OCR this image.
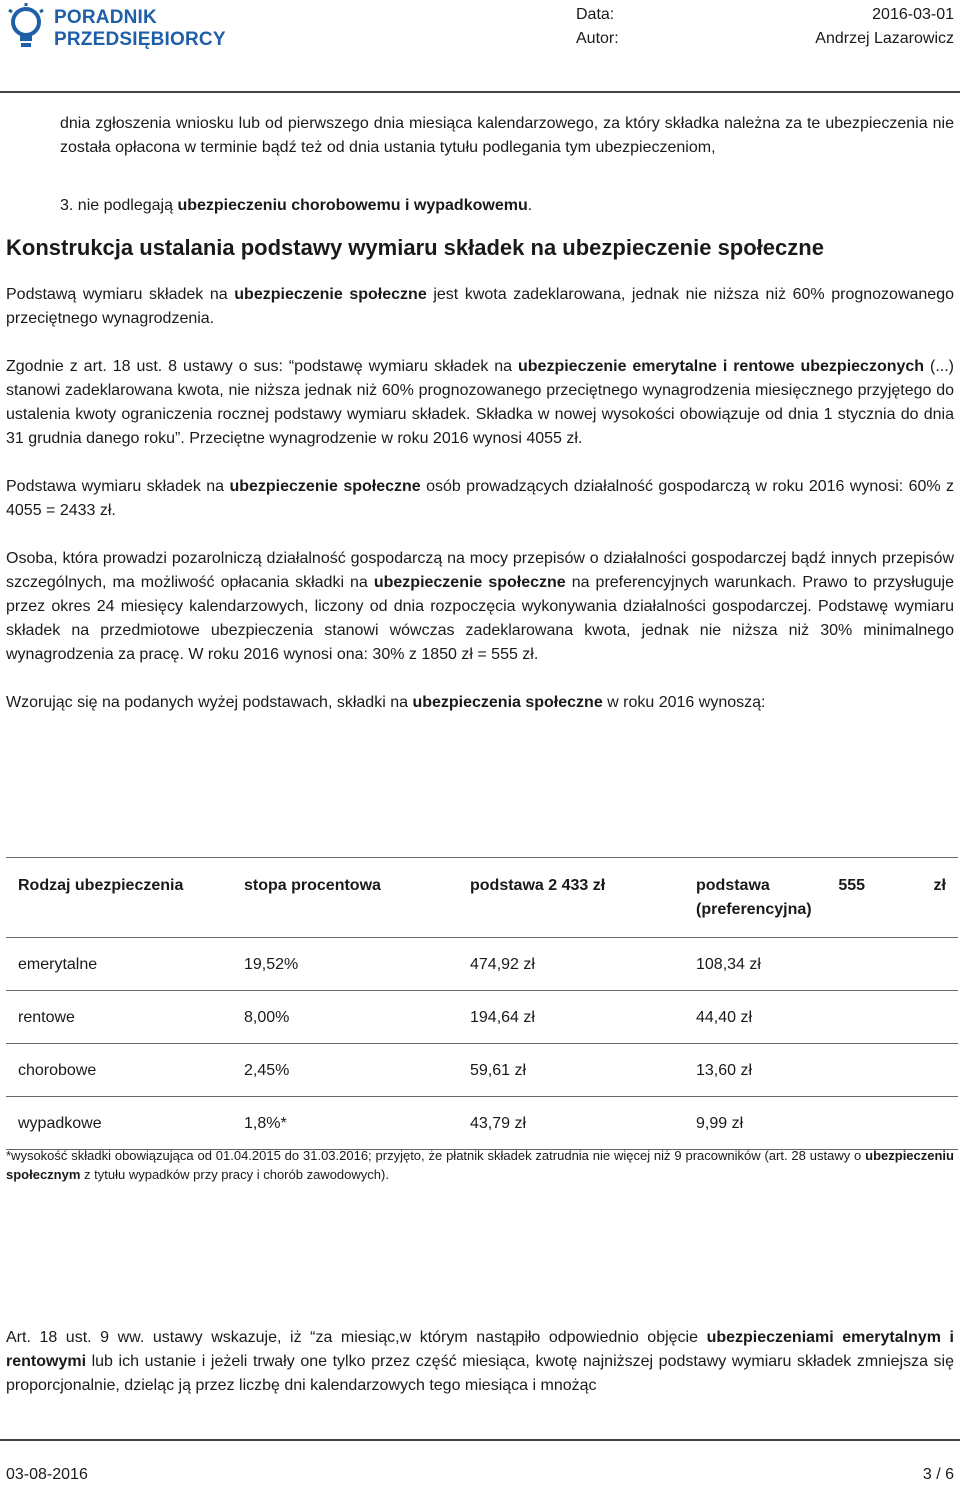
PORADNIK
PRZEDSIĘBIORCY
Data:
Autor:
2016-03-01
Andrzej Lazarowicz

dnia zgłoszenia wniosku lub od pierwszego dnia miesiąca kalendarzowego, za który składka należna za te ubezpieczenia nie została opłacona w terminie bądź też od dnia ustania tytułu podlegania tym ubezpieczeniom,

3. nie podlegają ubezpieczeniu chorobowemu i wypadkowemu.

Konstrukcja ustalania podstawy wymiaru składek na ubezpieczenie społeczne

Podstawą wymiaru składek na ubezpieczenie społeczne jest kwota zadeklarowana, jednak nie niższa niż 60% prognozowanego przeciętnego wynagrodzenia.

Zgodnie z art. 18 ust. 8 ustawy o sus: “podstawę wymiaru składek na ubezpieczenie emerytalne i rentowe ubezpieczonych (...) stanowi zadeklarowana kwota, nie niższa jednak niż 60% prognozowanego przeciętnego wynagrodzenia miesięcznego przyjętego do ustalenia kwoty ograniczenia rocznej podstawy wymiaru składek. Składka w nowej wysokości obowiązuje od dnia 1 stycznia do dnia 31 grudnia danego roku”. Przeciętne wynagrodzenie w roku 2016 wynosi 4055 zł.

Podstawa wymiaru składek na ubezpieczenie społeczne osób prowadzących działalność gospodarczą w roku 2016 wynosi: 60% z 4055 = 2433 zł.

Osoba, która prowadzi pozarolniczą działalność gospodarczą na mocy przepisów o działalności gospodarczej bądź innych przepisów szczególnych, ma możliwość opłacania składki na ubezpieczenie społeczne na preferencyjnych warunkach. Prawo to przysługuje przez okres 24 miesięcy kalendarzowych, liczony od dnia rozpoczęcia wykonywania działalności gospodarczej. Podstawę wymiaru składek na przedmiotowe ubezpieczenia stanowi wówczas zadeklarowana kwota, jednak nie niższa niż 30% minimalnego wynagrodzenia za pracę. W roku 2016 wynosi ona: 30% z 1850 zł = 555 zł.

Wzorując się na podanych wyżej podstawach, składki na ubezpieczenia społeczne w roku 2016 wynoszą:

Rodzaj ubezpieczenia	stopa procentowa	podstawa 2 433 zł	podstawa 555 zł
(preferencyjna)

emerytalne	19,52%	474,92 zł	108,34 zł
rentowe	8,00%	194,64 zł	44,40 zł
chorobowe	2,45%	59,61 zł	13,60 zł
wypadkowe	1,8%*	43,79 zł	9,99 zł
*wysokość składki obowiązująca od 01.04.2015 do 31.03.2016; przyjęto, że płatnik składek zatrudnia nie więcej niż 9 pracowników (art. 28 ustawy o ubezpieczeniu społecznym z tytułu wypadków przy pracy i chorób zawodowych).
Art. 18 ust. 9 ww. ustawy wskazuje, iż “za miesiąc,w którym nastąpiło odpowiednio objęcie ubezpieczeniami emerytalnym i rentowymi lub ich ustanie i jeżeli trwały one tylko przez część miesiąca, kwotę najniższej podstawy wymiaru składek zmniejsza się proporcjonalnie, dzieląc ją przez liczbę dni kalendarzowych tego miesiąca i mnożąc
03-08-2016	3 / 6
